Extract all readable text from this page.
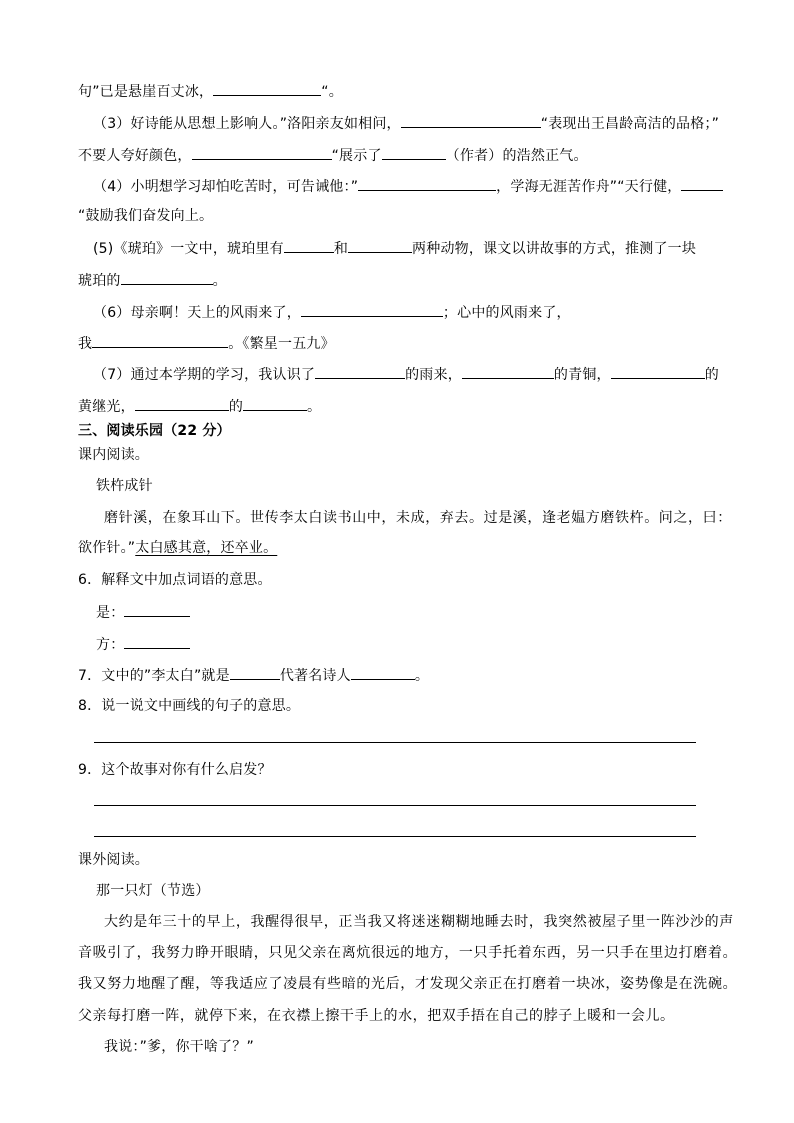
句”已是悬崖百丈冰，	“。
（3）好诗能从思想上影响人。”洛阳亲友如相问，	“表现出王昌龄高洁的品格；”
不要人夸好颜色，	“展示了	（作者）的浩然正气。
（4）小明想学习却怕吃苦时，可告诫他：”	，学海无涯苦作舟”“天行健，
“鼓励我们奋发向上。
(5)《琥珀》一文中，琥珀里有	和	两种动物，课文以讲故事的方式，推测了一块
琥珀的	。
（6）母亲啊！天上的风雨来了，	；心中的风雨来了，
我	。《繁星一五九》
（7）通过本学期的学习，我认识了	的雨来，	的青铜，	的
黄继光，	的	。
三、阅读乐园（22 分）
课内阅读。
铁杵成针
磨针溪，在象耳山下。世传李太白读书山中，未成，弃去。过是溪，逢老媪方磨铁杵。问之，曰：
欲作针。”太白感其意，还卒业。
6．解释文中加点词语的意思。
是：
方：
7．文中的”李太白”就是	代著名诗人	。
8．说一说文中画线的句子的意思。
9．这个故事对你有什么启发？
课外阅读。
那一只灯（节选）
大约是年三十的早上，我醒得很早，正当我又将迷迷糊糊地睡去时，我突然被屋子里一阵沙沙的声
音吸引了，我努力睁开眼睛，只见父亲在离炕很远的地方，一只手托着东西，另一只手在里边打磨着。
我又努力地醒了醒，等我适应了凌晨有些暗的光后，才发现父亲正在打磨着一块冰，姿势像是在洗碗。
父亲每打磨一阵，就停下来，在衣襟上擦干手上的水，把双手捂在自己的脖子上暖和一会儿。
我说：”爹，你干啥了？”
